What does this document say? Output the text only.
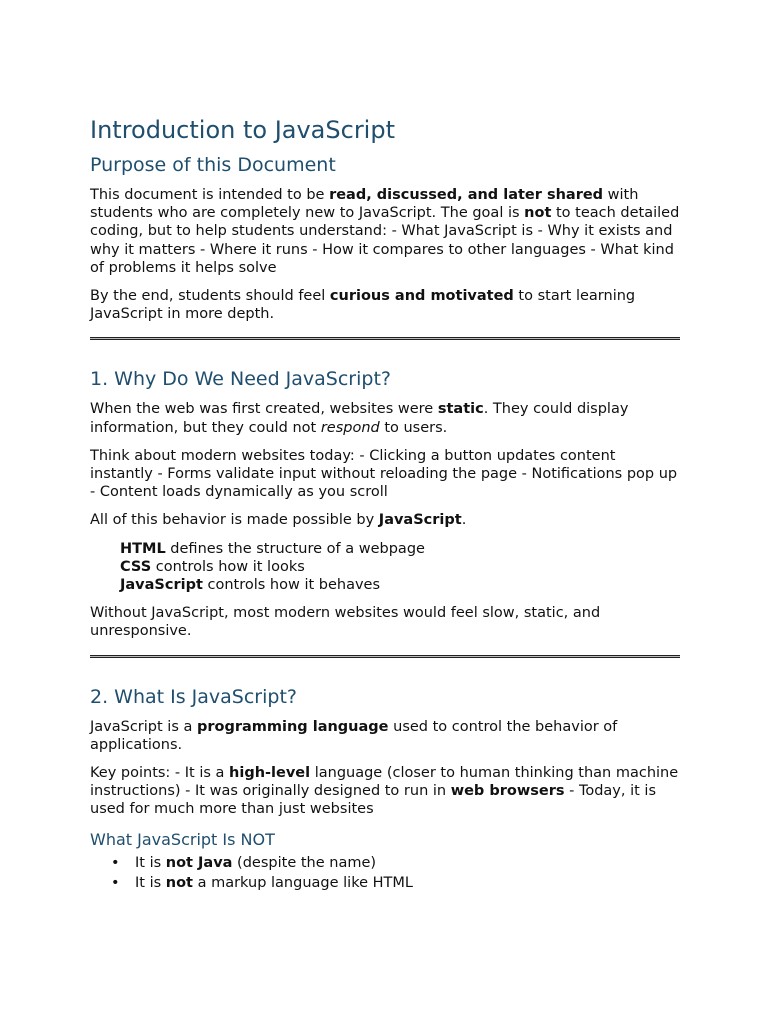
Introduction to JavaScript
Purpose of this Document

This document is intended to be read, discussed, and later shared with students who are completely new to JavaScript. The goal is not to teach detailed coding, but to help students understand: - What JavaScript is - Why it exists and why it matters - Where it runs - How it compares to other languages - What kind of problems it helps solve

By the end, students should feel curious and motivated to start learning JavaScript in more depth.

1. Why Do We Need JavaScript?

When the web was first created, websites were static. They could display information, but they could not respond to users.

Think about modern websites today: - Clicking a button updates content instantly - Forms validate input without reloading the page - Notifications pop up - Content loads dynamically as you scroll

All of this behavior is made possible by JavaScript.

HTML defines the structure of a webpage
CSS controls how it looks
JavaScript controls how it behaves

Without JavaScript, most modern websites would feel slow, static, and unresponsive.

2. What Is JavaScript?

JavaScript is a programming language used to control the behavior of applications.

Key points: - It is a high-level language (closer to human thinking than machine instructions) - It was originally designed to run in web browsers - Today, it is used for much more than just websites

What JavaScript Is NOT
• It is not Java (despite the name)
• It is not a markup language like HTML
